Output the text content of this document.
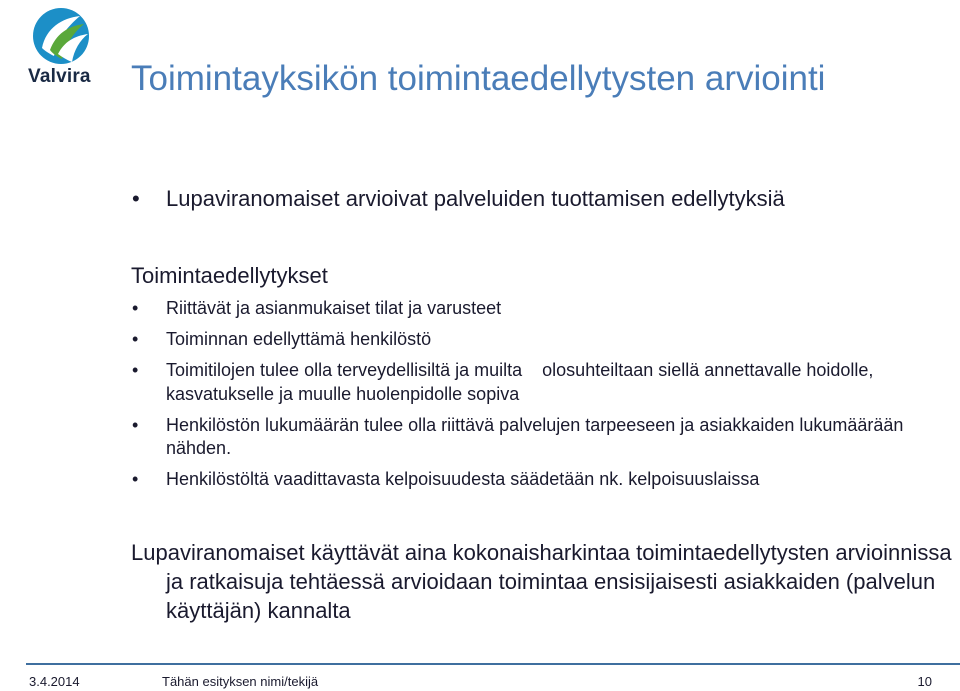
Valvira Toimintayksikön toimintaedellytysten arviointi
• Lupaviranomaiset arvioivat palveluiden tuottamisen edellytyksiä

Toimintaedellytykset

• Riittävät ja asianmukaiset tilat ja varusteet
• Toiminnan edellyttämä henkilöstö
• Toimitilojen tulee olla terveydellisiltä ja muilta    olosuhteiltaan siellä annettavalle hoidolle, kasvatukselle ja muulle huolenpidolle sopiva
• Henkilöstön lukumäärän tulee olla riittävä palvelujen tarpeeseen ja asiakkaiden lukumäärään nähden.
• Henkilöstöltä vaadittavasta kelpoisuudesta säädetään nk. kelpoisuuslaissa

Lupaviranomaiset käyttävät aina kokonaisharkintaa toimintaedellytysten arvioinnissa ja ratkaisuja tehtäessä arvioidaan toimintaa ensisijaisesti asiakkaiden (palvelun käyttäjän) kannalta

3.4.2014	Tähän esityksen nimi/tekijä	10
